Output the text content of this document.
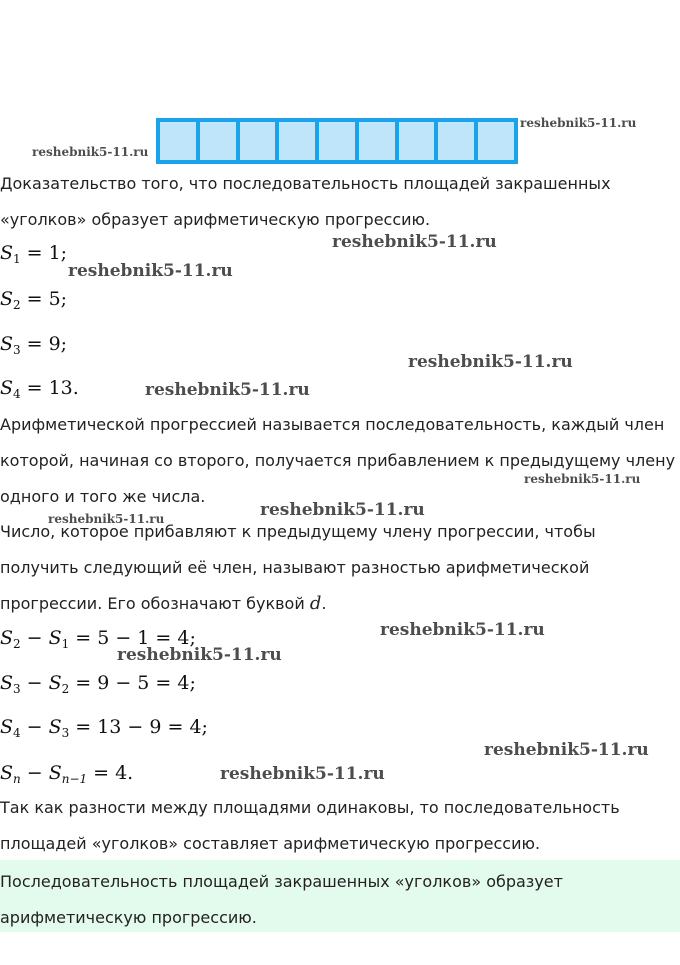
reshebnik5-11.ru
reshebnik5-11.ru
reshebnik5-11.ru
reshebnik5-11.ru
reshebnik5-11.ru
reshebnik5-11.ru
reshebnik5-11.ru
reshebnik5-11.ru
reshebnik5-11.ru
reshebnik5-11.ru
reshebnik5-11.ru
reshebnik5-11.ru
reshebnik5-11.ru
Доказательство того, что последовательность площадей закрашенных
«уголков» образует арифметическую прогрессию.
$S_1 = 1$;
$S_2 = 5$;
$S_3 = 9$;
$S_4 = 13$.
Арифметической прогрессией называется последовательность, каждый член
которой, начиная со второго, получается прибавлением к предыдущему члену
одного и того же числа.
Число, которое прибавляют к предыдущему члену прогрессии, чтобы
получить следующий её член, называют разностью арифметической
прогрессии. Его обозначают буквой d.
$S_2 - S_1 = 5 - 1 = 4$;
$S_3 - S_2 = 9 - 5 = 4$;
$S_4 - S_3 = 13 - 9 = 4$;
$S_n - S_{n-1} = 4$.
Так как разности между площадями одинаковы, то последовательность
площадей «уголков» составляет арифметическую прогрессию.
Последовательность площадей закрашенных «уголков» образует
арифметическую прогрессию.
